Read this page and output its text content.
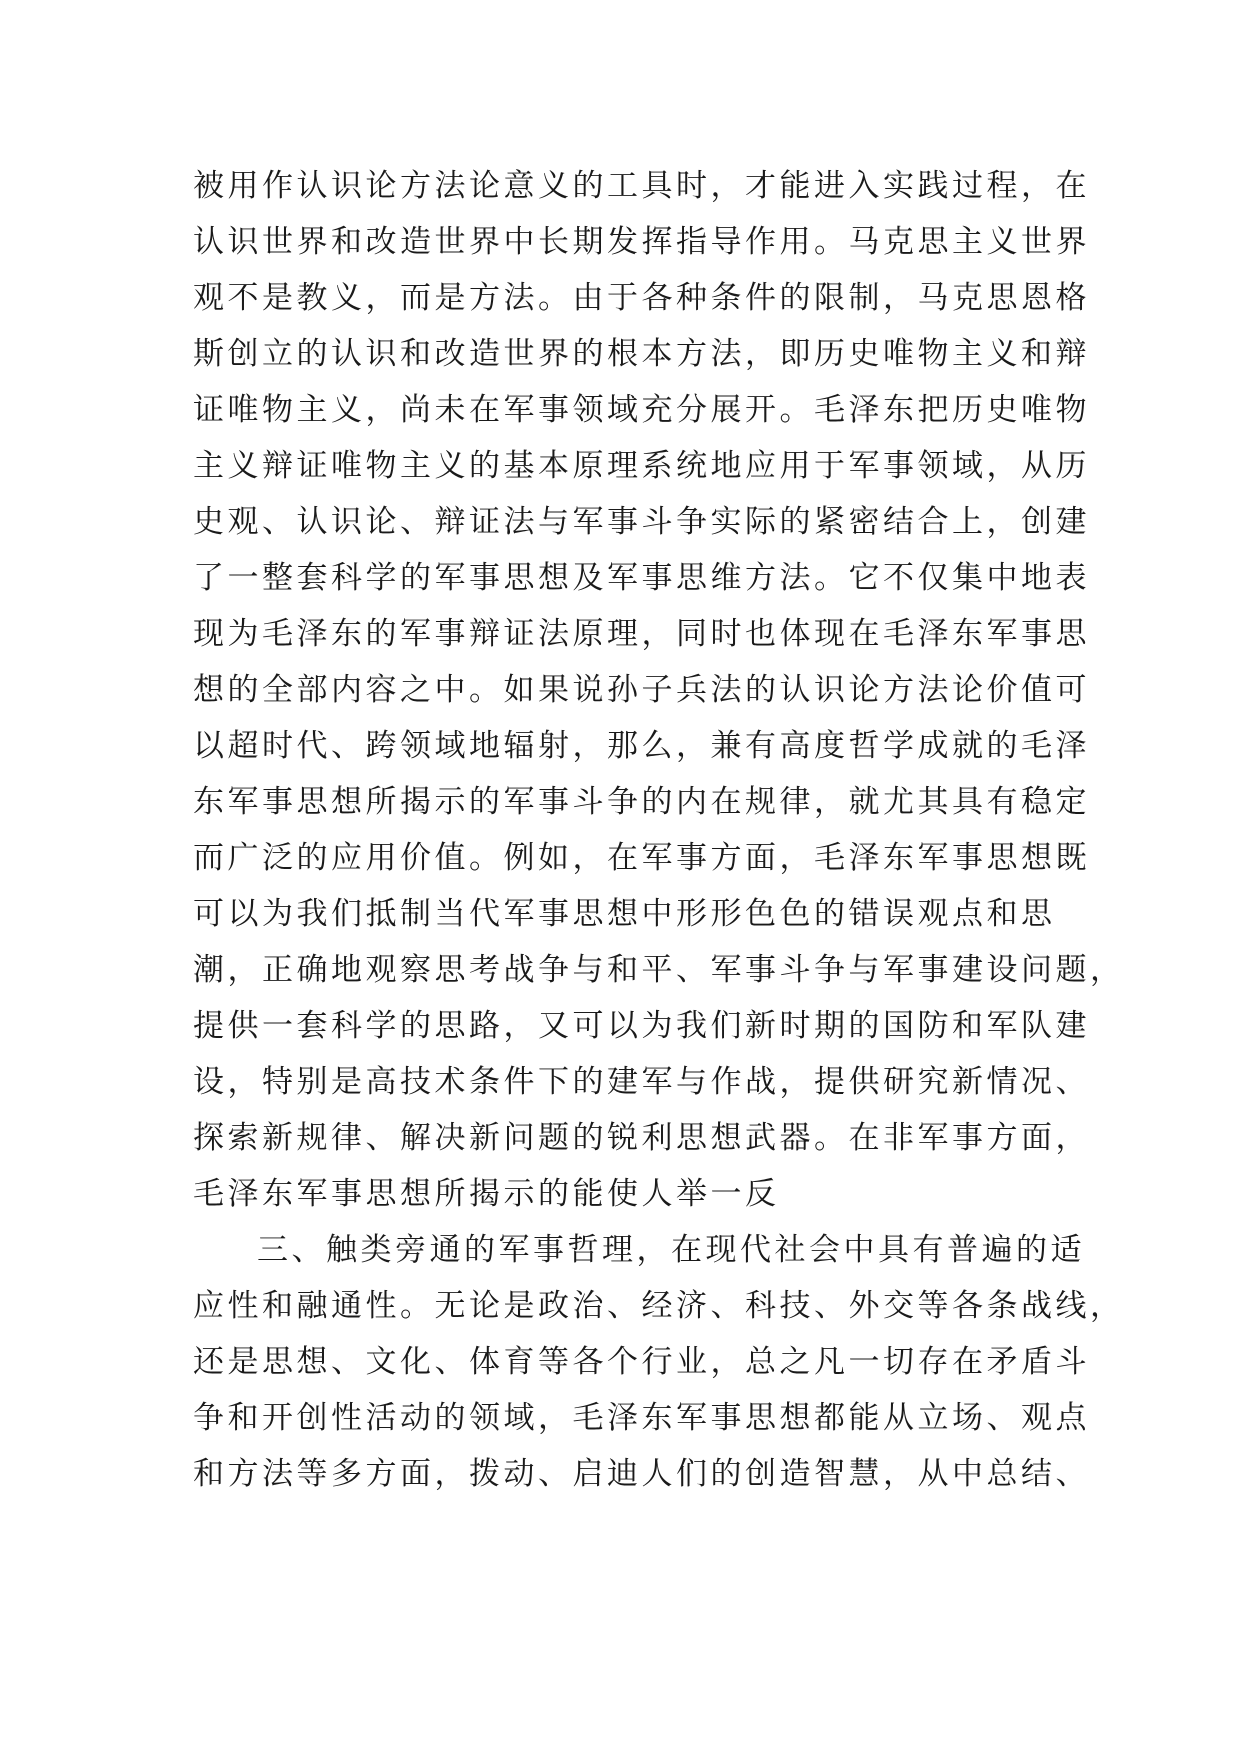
被用作认识论方法论意义的工具时，才能进入实践过程，在
认识世界和改造世界中长期发挥指导作用。马克思主义世界
观不是教义，而是方法。由于各种条件的限制，马克思恩格
斯创立的认识和改造世界的根本方法，即历史唯物主义和辩
证唯物主义，尚未在军事领域充分展开。毛泽东把历史唯物
主义辩证唯物主义的基本原理系统地应用于军事领域，从历
史观、认识论、辩证法与军事斗争实际的紧密结合上，创建
了一整套科学的军事思想及军事思维方法。它不仅集中地表
现为毛泽东的军事辩证法原理，同时也体现在毛泽东军事思
想的全部内容之中。如果说孙子兵法的认识论方法论价值可
以超时代、跨领域地辐射，那么，兼有高度哲学成就的毛泽
东军事思想所揭示的军事斗争的内在规律，就尤其具有稳定
而广泛的应用价值。例如，在军事方面，毛泽东军事思想既
可以为我们抵制当代军事思想中形形色色的错误观点和思
潮，正确地观察思考战争与和平、军事斗争与军事建设问题，
提供一套科学的思路，又可以为我们新时期的国防和军队建
设，特别是高技术条件下的建军与作战，提供研究新情况、
探索新规律、解决新问题的锐利思想武器。在非军事方面，
毛泽东军事思想所揭示的能使人举一反
三、触类旁通的军事哲理，在现代社会中具有普遍的适
应性和融通性。无论是政治、经济、科技、外交等各条战线，
还是思想、文化、体育等各个行业，总之凡一切存在矛盾斗
争和开创性活动的领域，毛泽东军事思想都能从立场、观点
和方法等多方面，拨动、启迪人们的创造智慧，从中总结、
